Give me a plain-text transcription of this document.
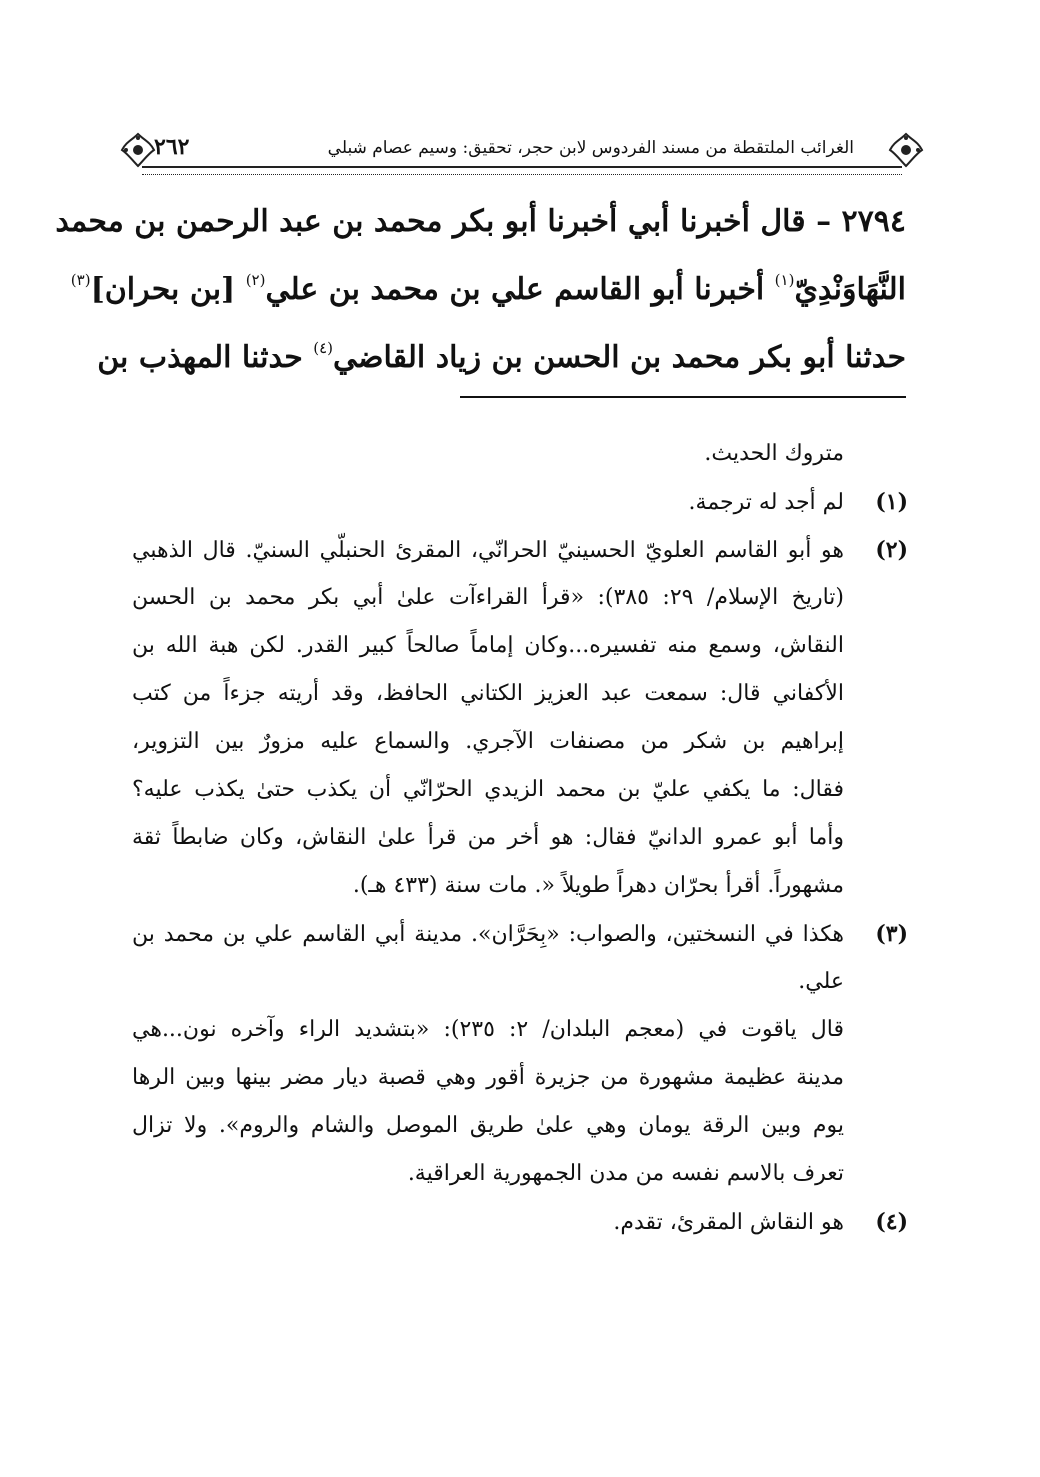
الغرائب الملتقطة من مسند الفردوس لابن حجر، تحقيق: وسيم عصام شبلي
٢٦٢
٢٧٩٤ – قال أخبرنا أبي أخبرنا أبو بكر محمد بن عبد الرحمن بن محمد
النَّهَاوَنْدِيّ$^{(١)}$ أخبرنا أبو القاسم علي بن محمد بن علي$^{(٢)}$ [بن بحران]$^{(٣)}$
حدثنا أبو بكر محمد بن الحسن بن زياد القاضي$^{(٤)}$ حدثنا المهذب بن
متروك الحديث.
(١)لم أجد له ترجمة.
(٢)هو أبو القاسم العلويّ الحسينيّ الحرانّي، المقرئ الحنبلّي السنيّ. قال الذهبي
(تاريخ الإسلام/ ٢٩: ٣٨٥): «قرأ القراءآت علىٰ أبي بكر محمد بن الحسن
النقاش، وسمع منه تفسيره...وكان إماماً صالحاً كبير القدر. لكن هبة الله بن
الأكفاني قال: سمعت عبد العزيز الكتاني الحافظ، وقد أريته جزءاً من كتب
إبراهيم بن شكر من مصنفات الآجري. والسماع عليه مزورٌ بين التزوير،
فقال: ما يكفي عليّ بن محمد الزيدي الحرّانّي أن يكذب حتىٰ يكذب عليه؟
وأما أبو عمرو الدانيّ فقال: هو أخر من قرأ علىٰ النقاش، وكان ضابطاً ثقة
مشهوراً. أقرأ بحرّان دهراً طويلاً «. مات سنة (٤٣٣ هـ).
(٣)هكذا في النسختين، والصواب: «بِحَرَّان». مدينة أبي القاسم علي بن محمد بن
علي.
قال ياقوت في (معجم البلدان/ ٢: ٢٣٥): «بتشديد الراء وآخره نون...هي
مدينة عظيمة مشهورة من جزيرة أقور وهي قصبة ديار مضر بينها وبين الرها
يوم وبين الرقة يومان وهي علىٰ طريق الموصل والشام والروم». ولا تزال
تعرف بالاسم نفسه من مدن الجمهورية العراقية.
(٤)هو النقاش المقرئ، تقدم.
